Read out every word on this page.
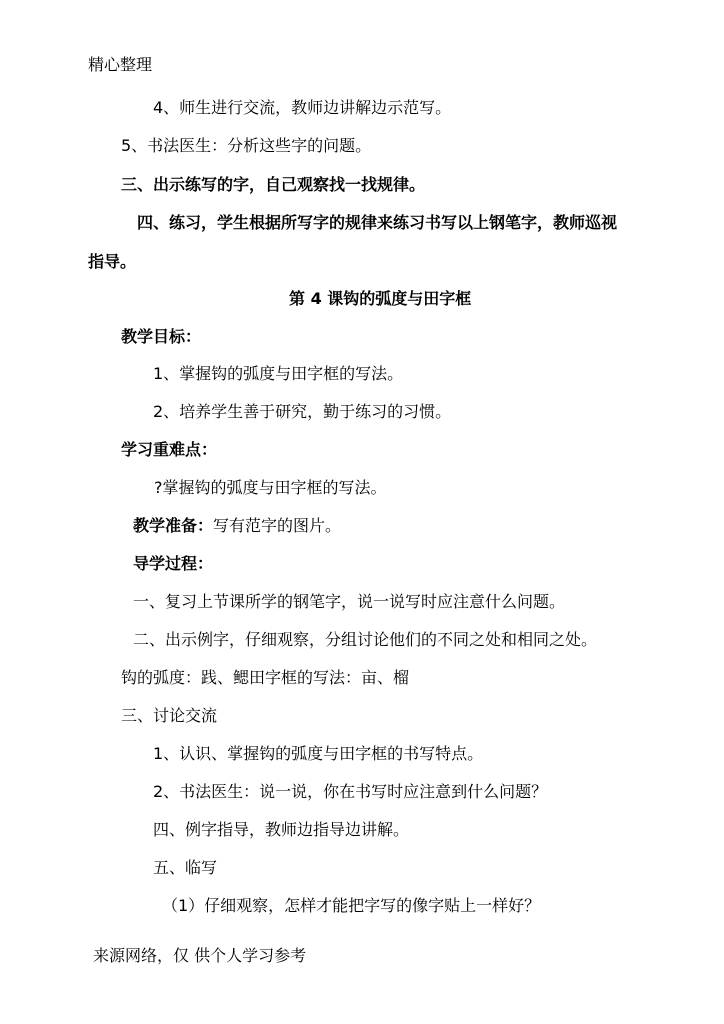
精心整理
4、师生进行交流，教师边讲解边示范写。
5、书法医生：分析这些字的问题。
三、出示练写的字，自己观察找一找规律。
四、练习，学生根据所写字的规律来练习书写以上钢笔字，教师巡视
指导。
第 4 课钩的弧度与田字框
教学目标：
1、掌握钩的弧度与田字框的写法。
2、培养学生善于研究，勤于练习的习惯。
学习重难点：
?掌握钩的弧度与田字框的写法。
教学准备：写有范字的图片。
导学过程：
一、复习上节课所学的钢笔字，说一说写时应注意什么问题。
二、出示例字，仔细观察，分组讨论他们的不同之处和相同之处。
钩的弧度：践、鳃田字框的写法：亩、榴
三、讨论交流
1、认识、掌握钩的弧度与田字框的书写特点。
2、书法医生：说一说，你在书写时应注意到什么问题？
四、例字指导，教师边指导边讲解。
五、临写
（1）仔细观察，怎样才能把字写的像字贴上一样好？
来源网络，仅 供个人学习参考
